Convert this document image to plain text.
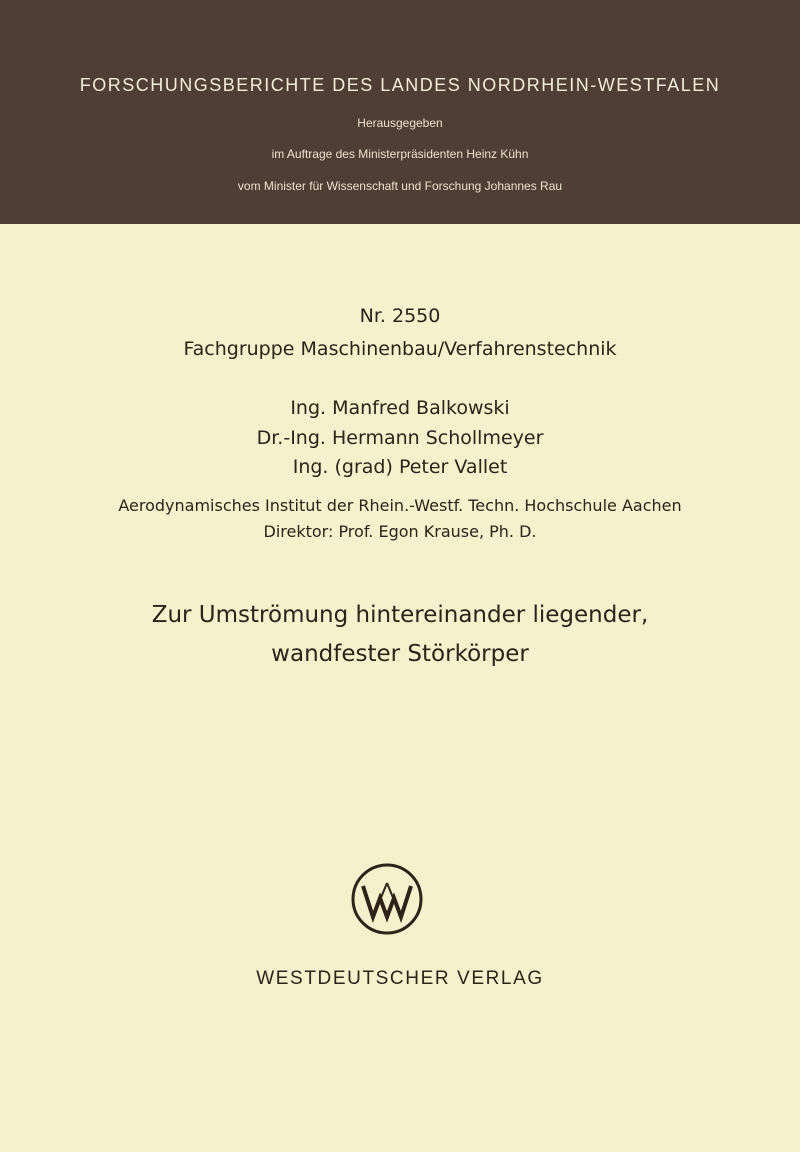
FORSCHUNGSBERICHTE DES LANDES NORDRHEIN-WESTFALEN
Herausgegeben
im Auftrage des Ministerpräsidenten Heinz Kühn
vom Minister für Wissenschaft und Forschung Johannes Rau
Nr. 2550
Fachgruppe Maschinenbau/Verfahrenstechnik
Ing. Manfred Balkowski
Dr.-Ing. Hermann Schollmeyer
Ing. (grad) Peter Vallet
Aerodynamisches Institut der Rhein.-Westf. Techn. Hochschule Aachen
Direktor: Prof. Egon Krause, Ph. D.
Zur Umströmung hintereinander liegender,
wandfester Störkörper
WESTDEUTSCHER VERLAG
